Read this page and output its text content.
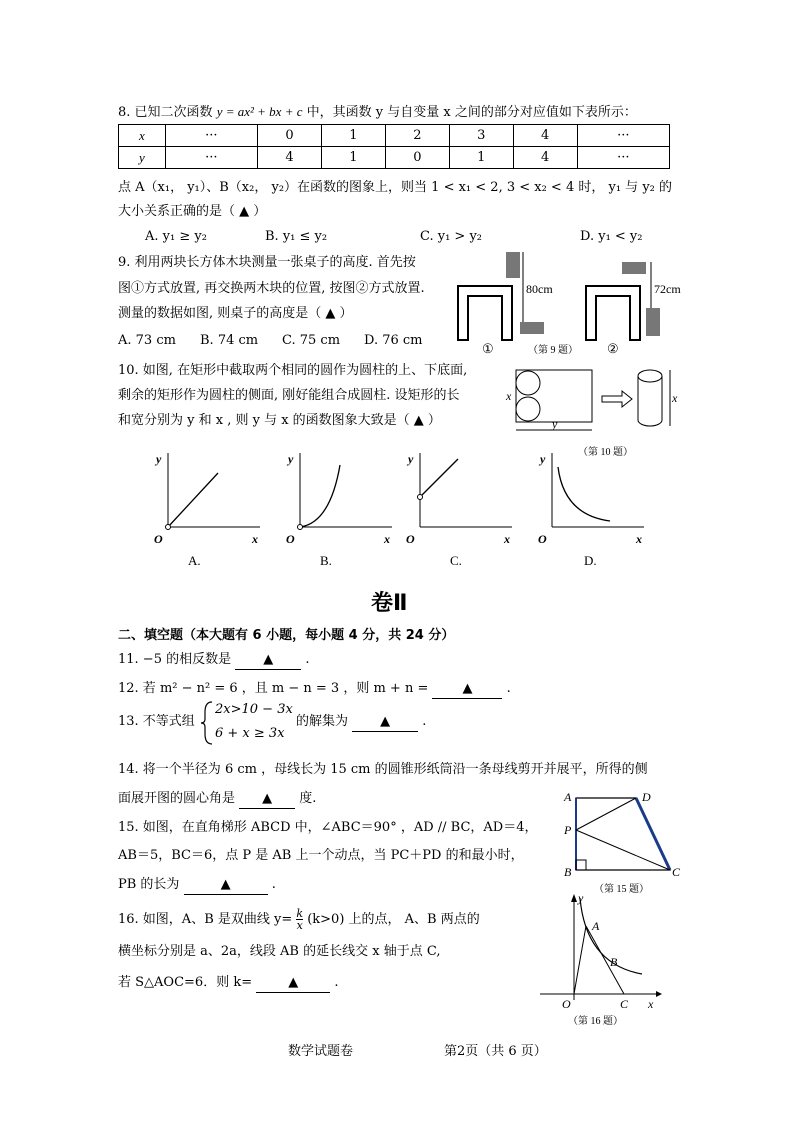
8. 已知二次函数 y = ax² + bx + c 中，其函数 y 与自变量 x 之间的部分对应值如下表所示：
x	···	0	1	2	3	4	···
y	···	4	1	0	1	4	···
点 A（x₁， y₁）、B（x₂， y₂）在函数的图象上，则当 1 < x₁ < 2, 3 < x₂ < 4 时， y₁ 与 y₂ 的
大小关系正确的是（ ▲ ）
A. y₁ ≥ y₂	B. y₁ ≤ y₂	C. y₁ > y₂	D. y₁ < y₂
9. 利用两块长方体木块测量一张桌子的高度. 首先按
图①方式放置, 再交换两木块的位置, 按图②方式放置.
测量的数据如图, 则桌子的高度是（ ▲ ）
A. 73 cm B. 74 cm C. 75 cm D. 76 cm
80cm	72cm
①	（第 9 题） ②
10. 如图, 在矩形中截取两个相同的圆作为圆柱的上、下底面,
剩余的矩形作为圆柱的侧面, 刚好能组合成圆柱. 设矩形的长
和宽分别为 y 和 x , 则 y 与 x 的函数图象大致是（ ▲ ）
x
y
x
（第 10 题）
O	x
y
A.
O	x
y
B.
O	x
y
C.
O	x
y
D.
卷Ⅱ
二、填空题（本大题有 6 小题，每小题 4 分，共 24 分）
11. −5 的相反数是 ▲ .
12. 若 m² − n² = 6 ，且 m − n = 3 ，则 m + n =	▲	.
13. 不等式组
2x>10 − 3x
6 + x ≥ 3x
的解集为 ▲ .
14. 将一个半径为 6 cm ，母线长为 15 cm 的圆锥形纸筒沿一条母线剪开并展平，所得的侧
面展开图的圆心角是 ▲ 度.
15. 如图，在直角梯形 ABCD 中，∠ABC＝90° ，AD // BC，AD＝4，
AB＝5，BC＝6，点 P 是 AB 上一个动点，当 PC＋PD 的和最小时，
PB 的长为	▲	.
A	D
P
B	C
（第 15 题）
16. 如图，A、B 是双曲线 $y= \frac{k}{x} (k>0)$ 上的点， A、B 两点的
横坐标分别是 a、2a，线段 AB 的延长线交 x 轴于点 C,
若 S△AOC=6．则 k=	▲	.
A
B
C
O	x
y
（第 16 题）
数学试题卷	第2页（共 6 页）
